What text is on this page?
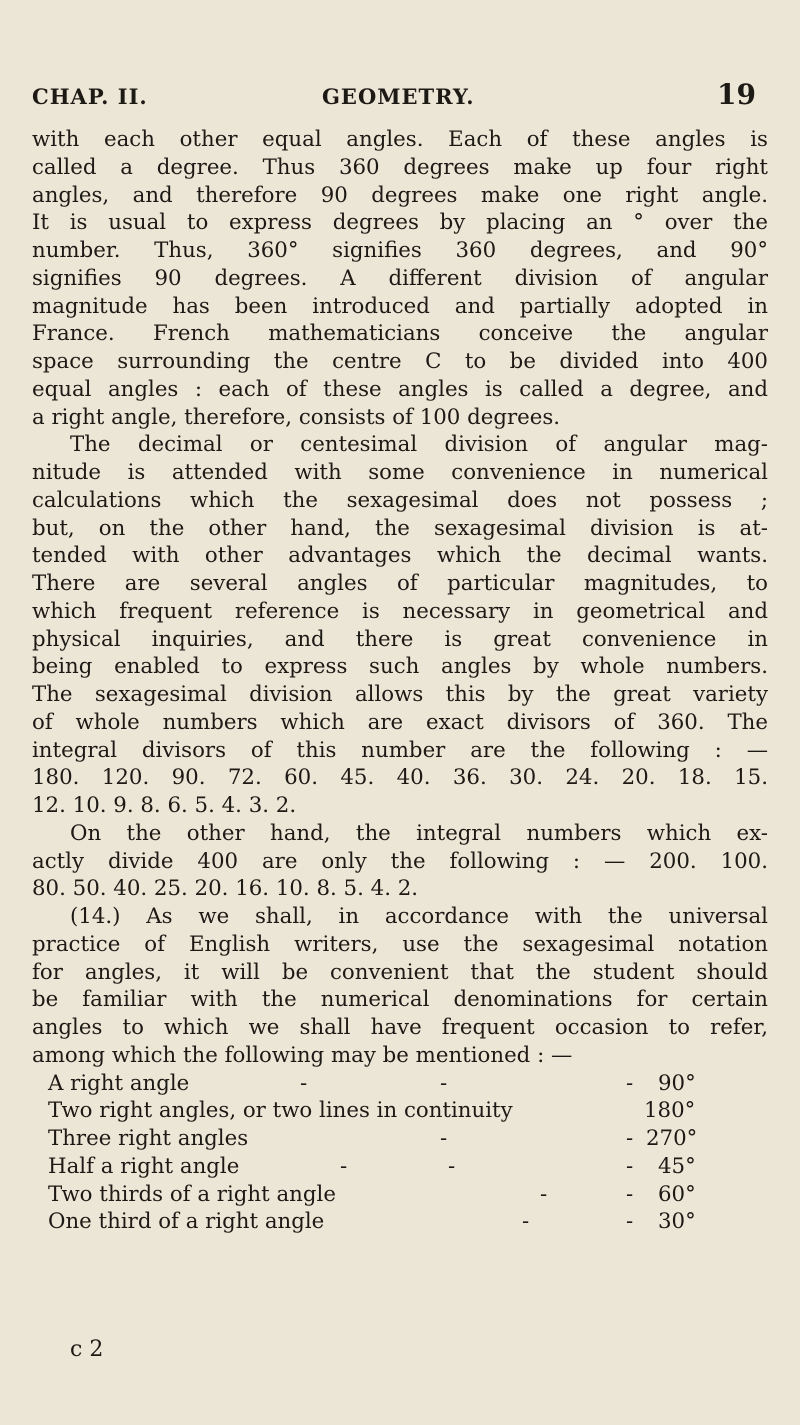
CHAP. II.	GEOMETRY.	19
with each other equal angles. Each of these angles is
called a degree. Thus 360 degrees make up four right
angles, and therefore 90 degrees make one right angle.
It is usual to express degrees by placing an ° over the
number. Thus, 360° signifies 360 degrees, and 90°
signifies 90 degrees. A different division of angular
magnitude has been introduced and partially adopted in
France. French mathematicians conceive the angular
space surrounding the centre C to be divided into 400
equal angles : each of these angles is called a degree, and
a right angle, therefore, consists of 100 degrees.
The decimal or centesimal division of angular mag-
nitude is attended with some convenience in numerical
calculations which the sexagesimal does not possess ;
but, on the other hand, the sexagesimal division is at-
tended with other advantages which the decimal wants.
There are several angles of particular magnitudes, to
which frequent reference is necessary in geometrical and
physical inquiries, and there is great convenience in
being enabled to express such angles by whole numbers.
The sexagesimal division allows this by the great variety
of whole numbers which are exact divisors of 360. The
integral divisors of this number are the following : —
180. 120. 90. 72. 60. 45. 40. 36. 30. 24. 20. 18. 15.
12. 10. 9. 8. 6. 5. 4. 3. 2.
On the other hand, the integral numbers which ex-
actly divide 400 are only the following : — 200. 100.
80. 50. 40. 25. 20. 16. 10. 8. 5. 4. 2.
(14.) As we shall, in accordance with the universal
practice of English writers, use the sexagesimal notation
for angles, it will be convenient that the student should
be familiar with the numerical denominations for certain
angles to which we shall have frequent occasion to refer,
among which the following may be mentioned : —
A right angle	-	-	- 90°
Two right angles, or two lines in continuity	180°
Three right angles	-	- 270°
Half a right angle	-	-	- 45°
Two thirds of a right angle	-	- 60°
One third of a right angle	-	- 30°
c 2
